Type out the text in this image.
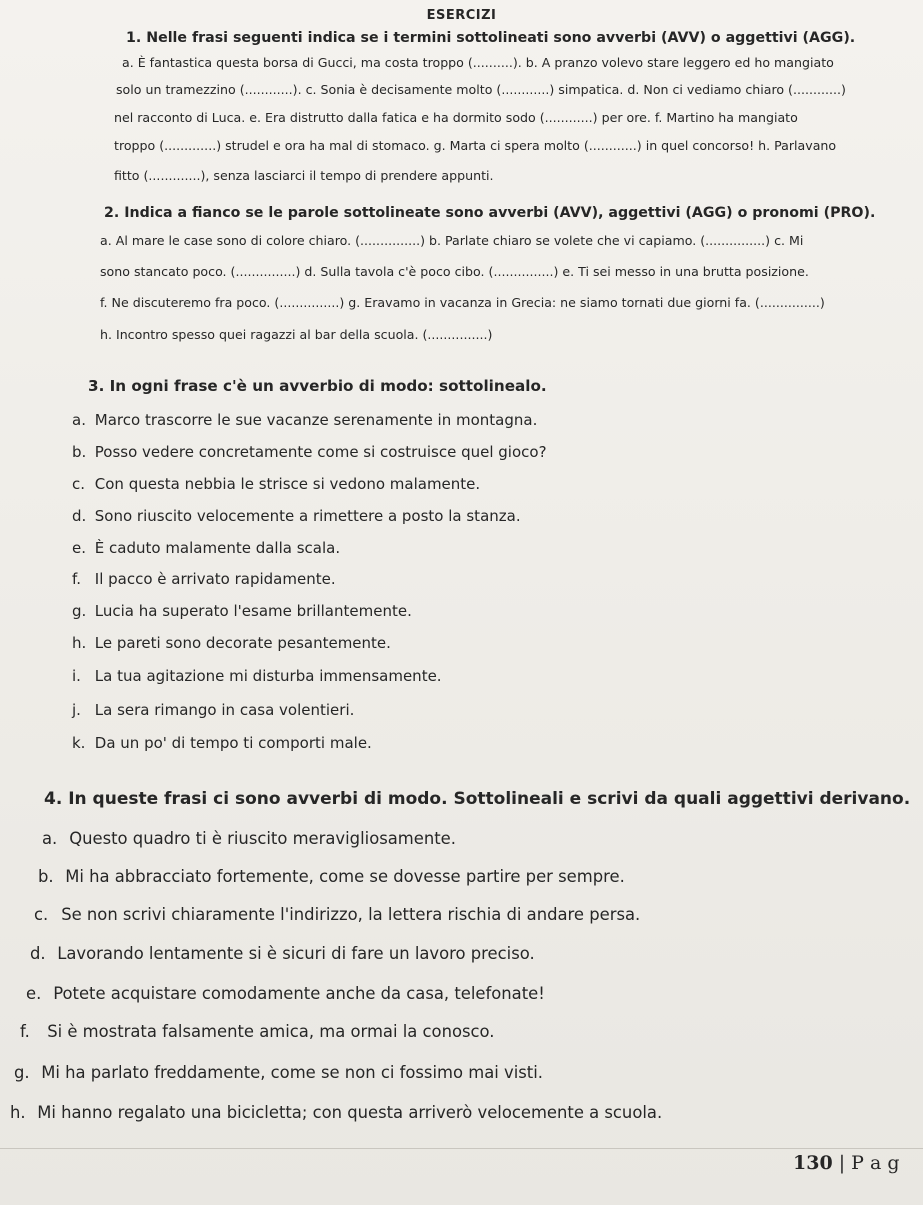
ESERCIZI
1. Nelle frasi seguenti indica se i termini sottolineati sono avverbi (AVV) o aggettivi (AGG).
a. È fantastica questa borsa di Gucci, ma costa troppo (..........). b. A pranzo volevo stare leggero ed ho mangiato
solo un tramezzino (............). c. Sonia è decisamente molto (............) simpatica. d. Non ci vediamo chiaro (............)
nel racconto di Luca. e. Era distrutto dalla fatica e ha dormito sodo (............) per ore. f. Martino ha mangiato
troppo (.............) strudel e ora ha mal di stomaco. g. Marta ci spera molto (............) in quel concorso! h. Parlavano
fitto (.............), senza lasciarci il tempo di prendere appunti.
2. Indica a fianco se le parole sottolineate sono avverbi (AVV), aggettivi (AGG) o pronomi (PRO).
a. Al mare le case sono di colore chiaro. (...............) b. Parlate chiaro se volete che vi capiamo. (...............) c. Mi
sono stancato poco. (...............) d. Sulla tavola c'è poco cibo. (...............) e. Ti sei messo in una brutta posizione.
f. Ne discuteremo fra poco. (...............) g. Eravamo in vacanza in Grecia: ne siamo tornati due giorni fa. (...............)
h. Incontro spesso quei ragazzi al bar della scuola. (...............)
3. In ogni frase c'è un avverbio di modo: sottolinealo.
a. Marco trascorre le sue vacanze serenamente in montagna.
b. Posso vedere concretamente come si costruisce quel gioco?
c. Con questa nebbia le strisce si vedono malamente.
d. Sono riuscito velocemente a rimettere a posto la stanza.
e. È caduto malamente dalla scala.
f. Il pacco è arrivato rapidamente.
g. Lucia ha superato l'esame brillantemente.
h. Le pareti sono decorate pesantemente.
i. La tua agitazione mi disturba immensamente.
j. La sera rimango in casa volentieri.
k. Da un po' di tempo ti comporti male.
4. In queste frasi ci sono avverbi di modo. Sottolineali e scrivi da quali aggettivi derivano.
a. Questo quadro ti è riuscito meravigliosamente.
b. Mi ha abbracciato fortemente, come se dovesse partire per sempre.
c. Se non scrivi chiaramente l'indirizzo, la lettera rischia di andare persa.
d. Lavorando lentamente si è sicuri di fare un lavoro preciso.
e. Potete acquistare comodamente anche da casa, telefonate!
f. Si è mostrata falsamente amica, ma ormai la conosco.
g. Mi ha parlato freddamente, come se non ci fossimo mai visti.
h. Mi hanno regalato una bicicletta; con questa arriverò velocemente a scuola.
130 | P a g
